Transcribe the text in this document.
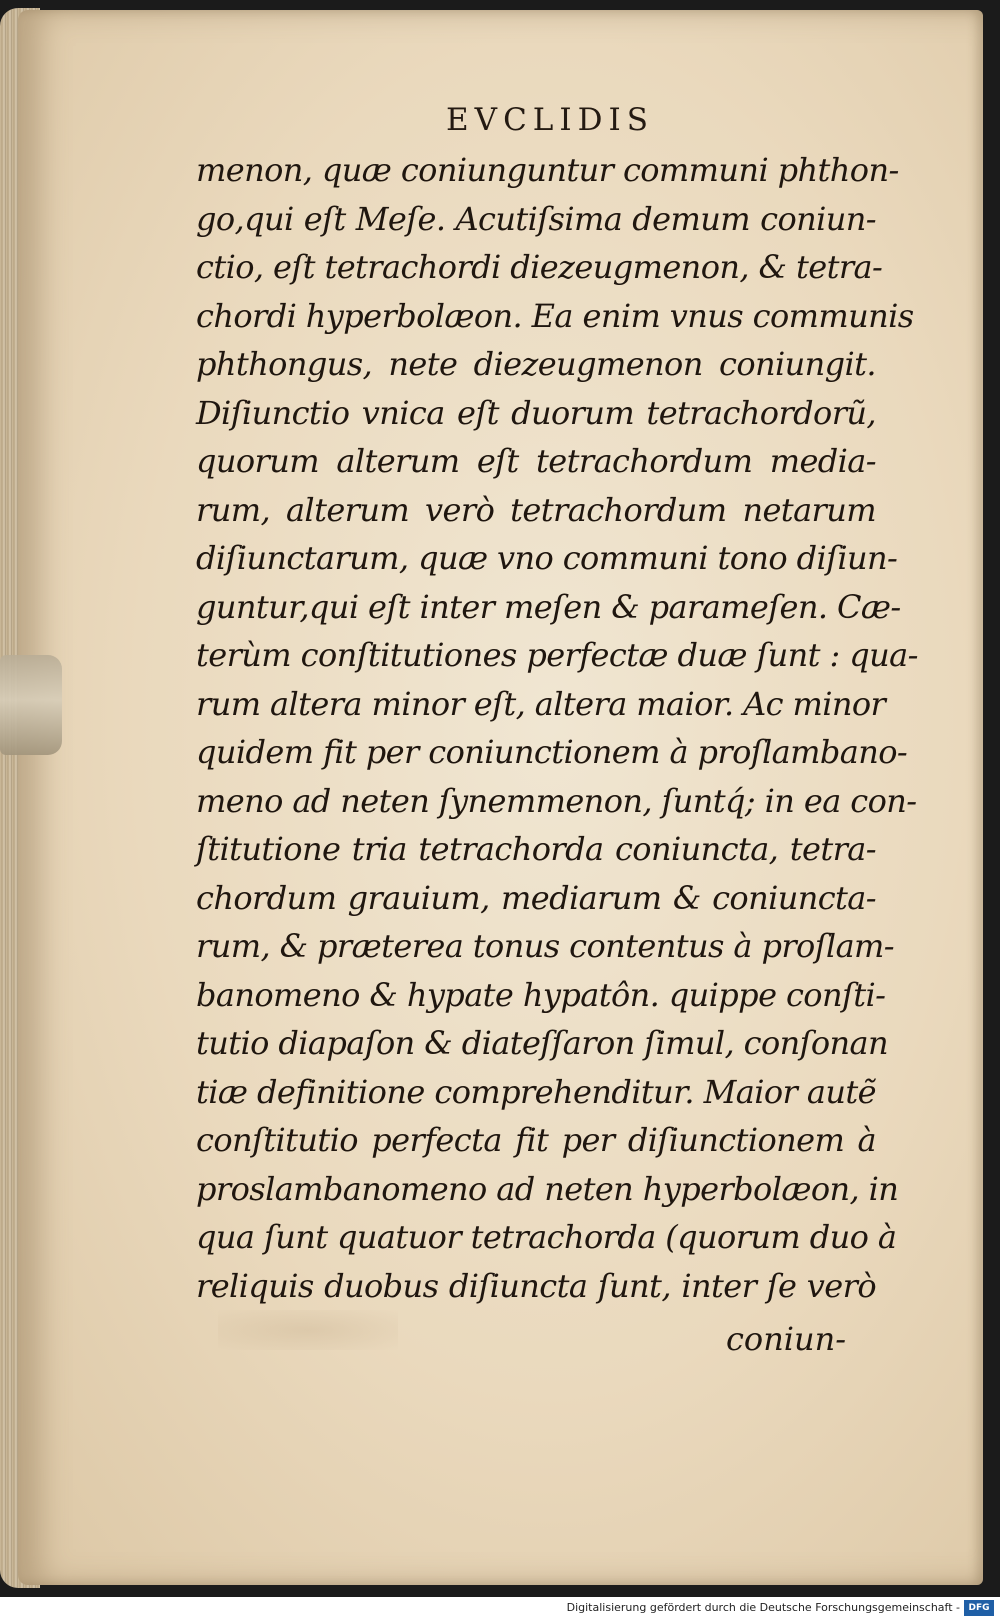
EVCLIDIS
menon, quæ coniunguntur communi phthon-
go,qui eſt Meſe. Acutiſsima demum coniun-
ctio, eſt tetrachordi diezeugmenon, & tetra-
chordi hyperbolæon. Ea enim vnus communis
phthongus, nete diezeugmenon coniungit.
Diſiunctio vnica eſt duorum tetrachordorũ,
quorum alterum eſt tetrachordum media-
rum, alterum verò tetrachordum netarum
diſiunctarum, quæ vno communi tono diſiun-
guntur,qui eſt inter meſen & parameſen. Cæ-
terùm conſtitutiones perfectæ duæ ſunt : qua-
rum altera minor eſt, altera maior. Ac minor
quidem fit per coniunctionem à proſlambano-
meno ad neten ſynemmenon, ſuntq́; in ea con-
ſtitutione tria tetrachorda coniuncta, tetra-
chordum grauium, mediarum & coniuncta-
rum, & præterea tonus contentus à proſlam-
banomeno & hypate hypatôn. quippe conſti-
tutio diapaſon & diateſſaron ſimul, conſonan
tiæ definitione comprehenditur. Maior autẽ
conſtitutio perfecta fit per diſiunctionem à
proslambanomeno ad neten hyperbolæon, in
qua ſunt quatuor tetrachorda (quorum duo à
reliquis duobus diſiuncta ſunt, inter ſe verò
coniun-
Digitalisierung gefördert durch die Deutsche Forschungsgemeinschaft - DFG
